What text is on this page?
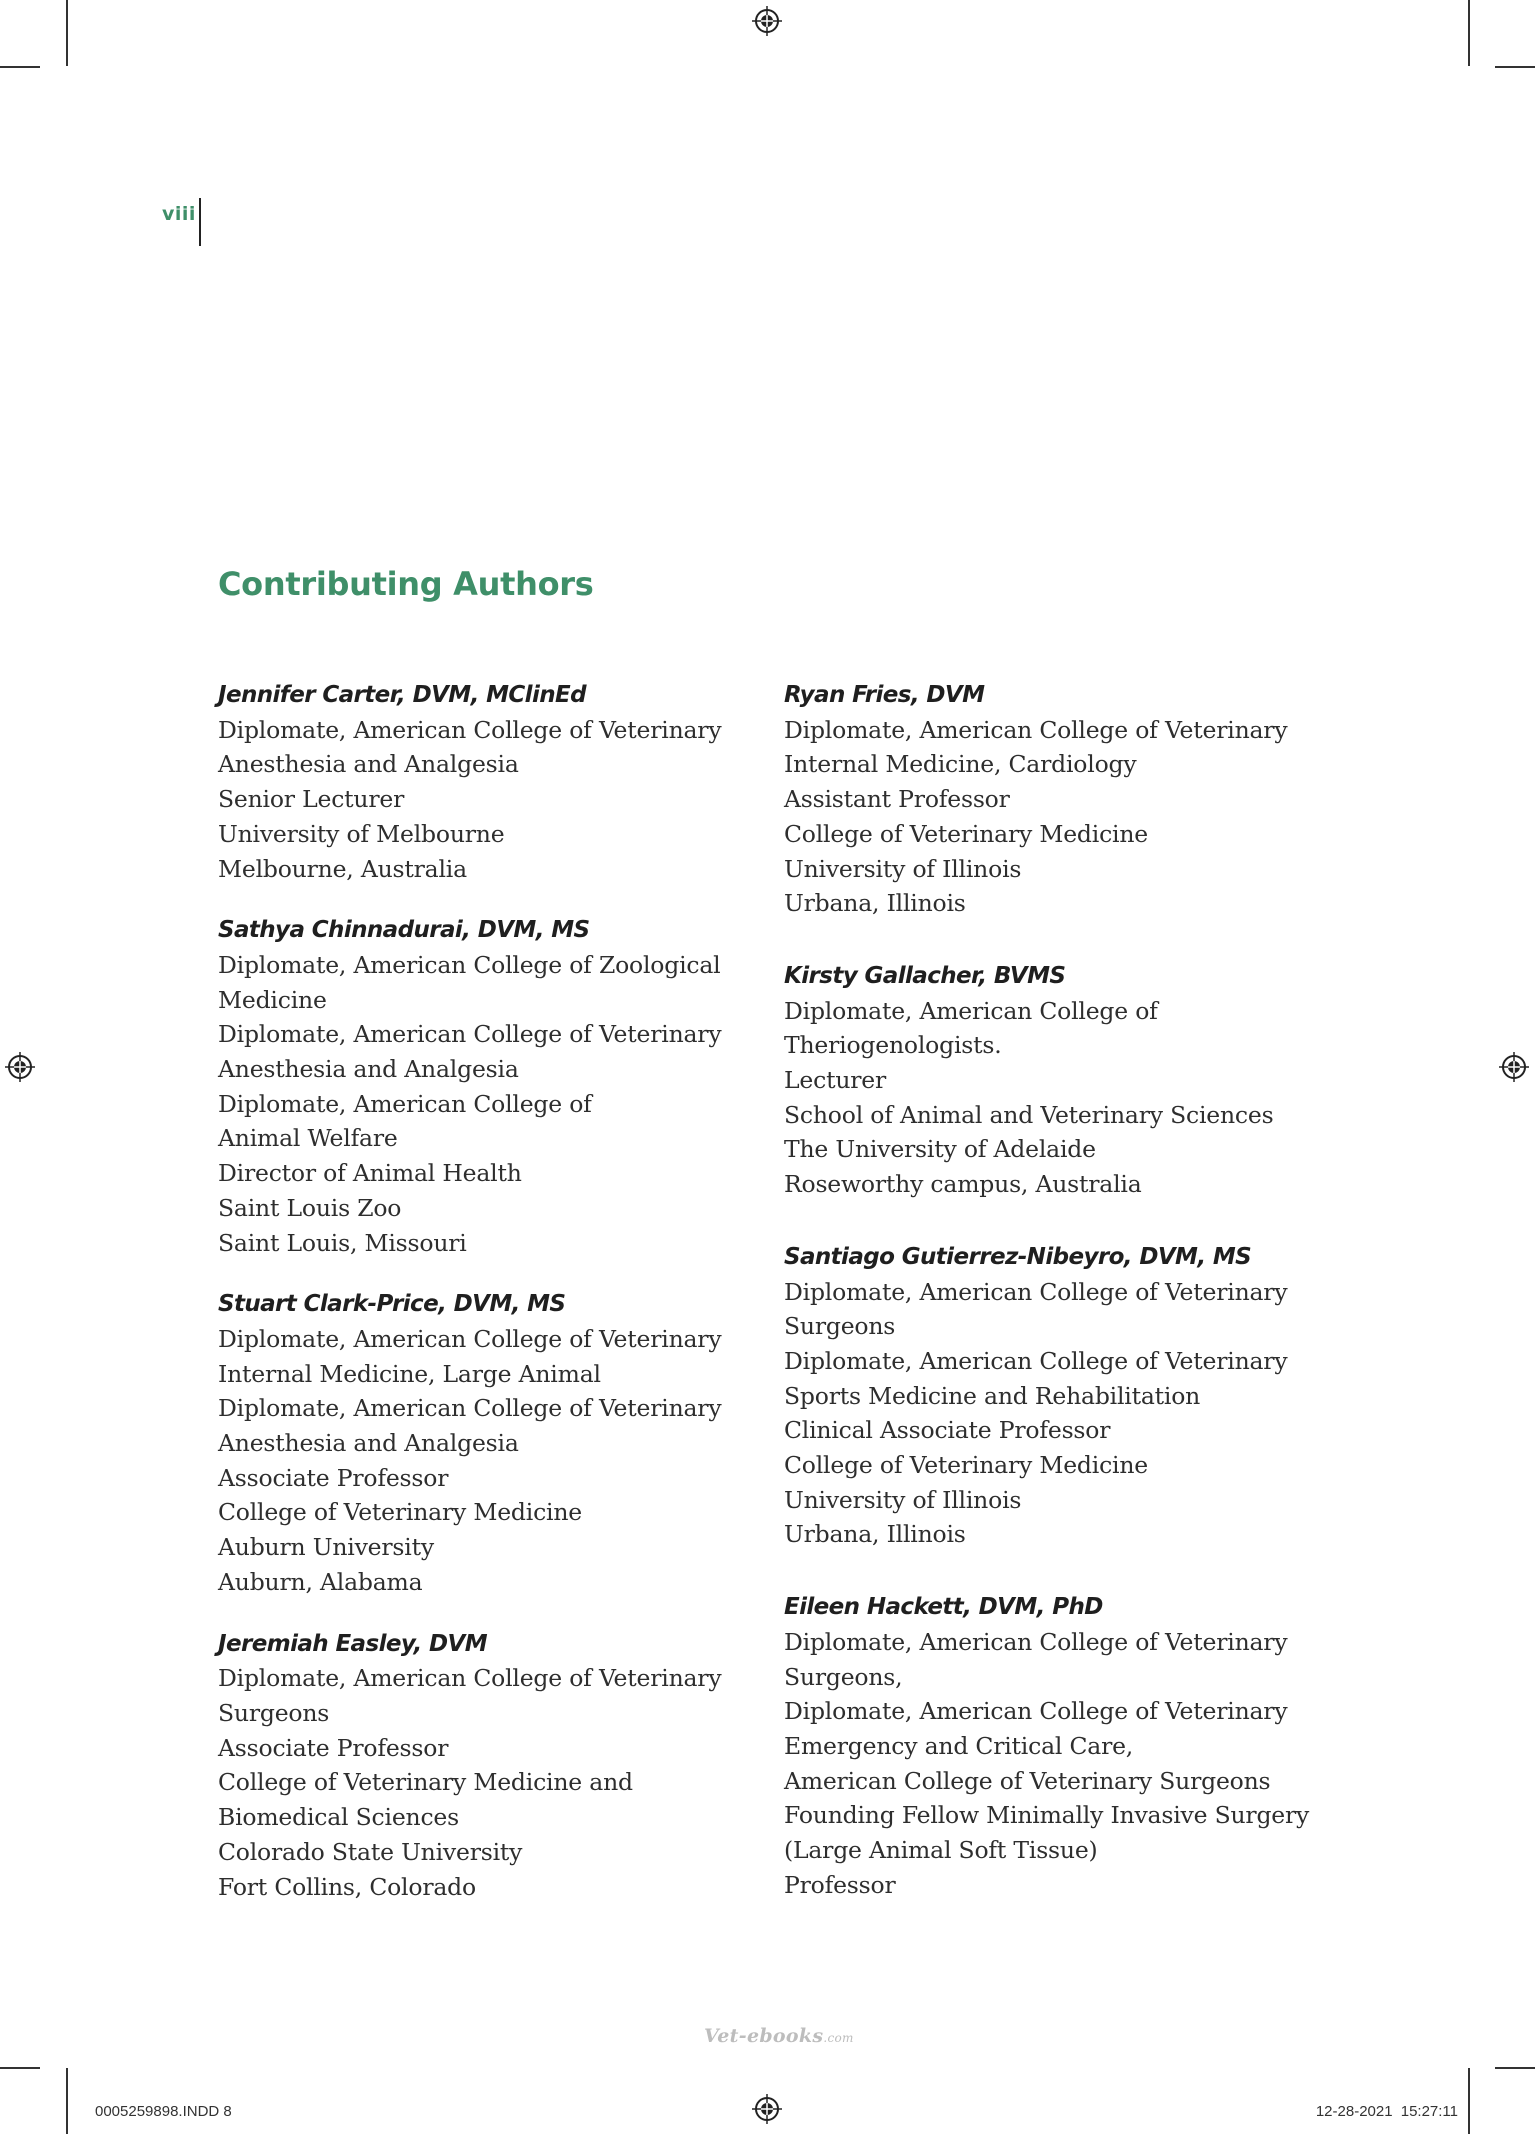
viii
Contributing Authors
Jennifer Carter, DVM, MClinEd
Diplomate, American College of Veterinary
Anesthesia and Analgesia
Senior Lecturer
University of Melbourne
Melbourne, Australia
Sathya Chinnadurai, DVM, MS
Diplomate, American College of Zoological
Medicine
Diplomate, American College of Veterinary
Anesthesia and Analgesia
Diplomate, American College of
Animal Welfare
Director of Animal Health
Saint Louis Zoo
Saint Louis, Missouri
Stuart Clark-Price, DVM, MS
Diplomate, American College of Veterinary
Internal Medicine, Large Animal
Diplomate, American College of Veterinary
Anesthesia and Analgesia
Associate Professor
College of Veterinary Medicine
Auburn University
Auburn, Alabama
Jeremiah Easley, DVM
Diplomate, American College of Veterinary
Surgeons
Associate Professor
College of Veterinary Medicine and
Biomedical Sciences
Colorado State University
Fort Collins, Colorado
Ryan Fries, DVM
Diplomate, American College of Veterinary
Internal Medicine, Cardiology
Assistant Professor
College of Veterinary Medicine
University of Illinois
Urbana, Illinois
Kirsty Gallacher, BVMS
Diplomate, American College of
Theriogenologists.
Lecturer
School of Animal and Veterinary Sciences
The University of Adelaide
Roseworthy campus, Australia
Santiago Gutierrez-Nibeyro, DVM, MS
Diplomate, American College of Veterinary
Surgeons
Diplomate, American College of Veterinary
Sports Medicine and Rehabilitation
Clinical Associate Professor
College of Veterinary Medicine
University of Illinois
Urbana, Illinois
Eileen Hackett, DVM, PhD
Diplomate, American College of Veterinary
Surgeons,
Diplomate, American College of Veterinary
Emergency and Critical Care,
American College of Veterinary Surgeons
Founding Fellow Minimally Invasive Surgery
(Large Animal Soft Tissue)
Professor
Vet-ebooks.com
0005259898.INDD 8	12-28-2021 15:27:11
